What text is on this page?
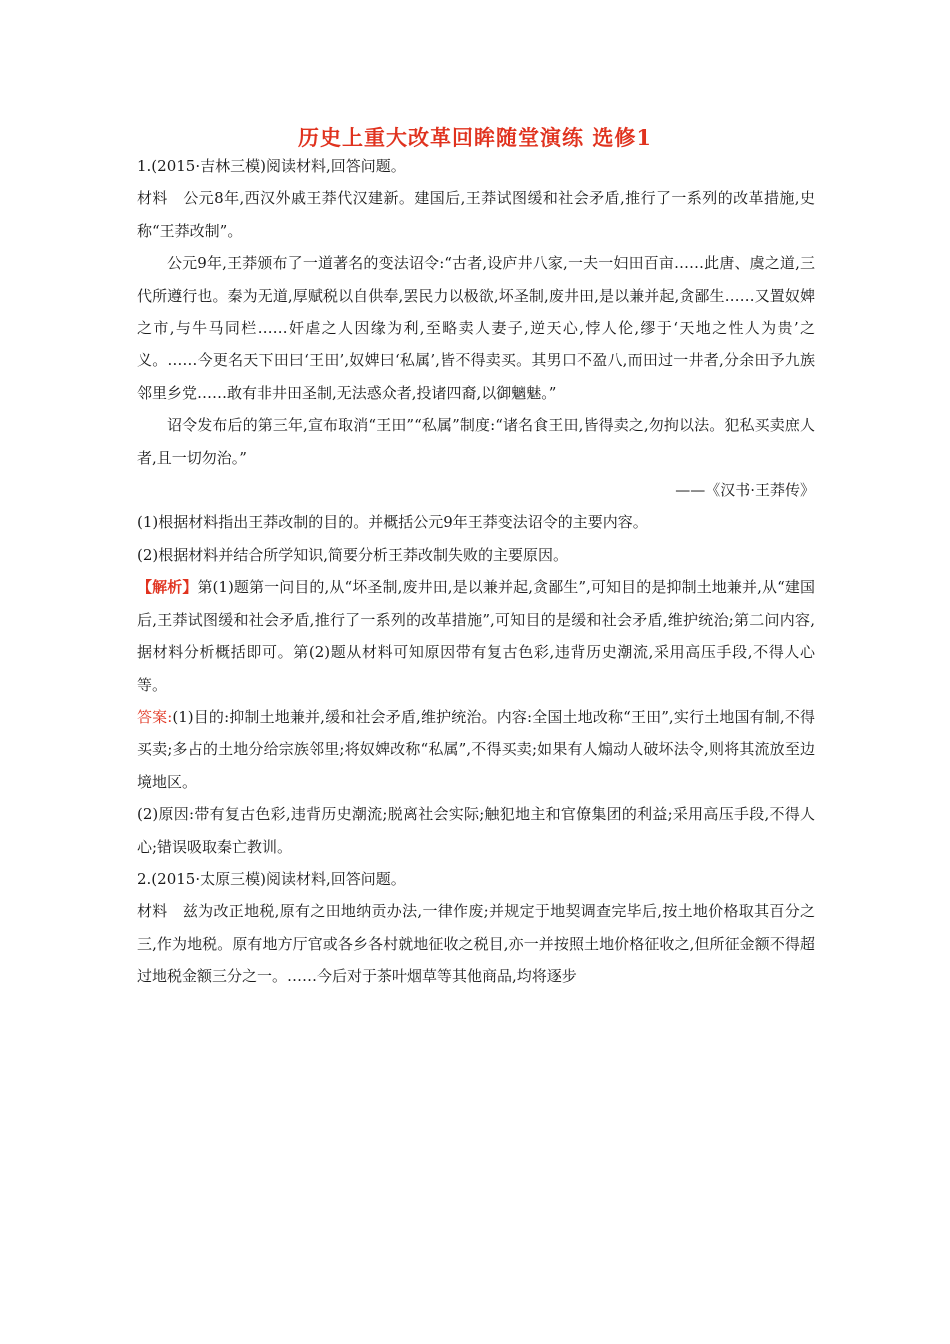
历史上重大改革回眸随堂演练 选修1

1.(2015·吉林三模)阅读材料,回答问题。

材料　公元8年,西汉外戚王莽代汉建新。建国后,王莽试图缓和社会矛盾,推行了一系列的改革措施,史称“王莽改制”。

公元9年,王莽颁布了一道著名的变法诏令:“古者,设庐井八家,一夫一妇田百亩……此唐、虞之道,三代所遵行也。秦为无道,厚赋税以自供奉,罢民力以极欲,坏圣制,废井田,是以兼并起,贪鄙生……又置奴婢之市,与牛马同栏……奸虐之人因缘为利,至略卖人妻子,逆天心,悖人伦,缪于‘天地之性人为贵’之义。……今更名天下田曰‘王田’,奴婢曰‘私属’,皆不得卖买。其男口不盈八,而田过一井者,分余田予九族邻里乡党……敢有非井田圣制,无法惑众者,投诸四裔,以御魑魅。”

诏令发布后的第三年,宣布取消“王田”“私属”制度:“诸名食王田,皆得卖之,勿拘以法。犯私买卖庶人者,且一切勿治。”

——《汉书·王莽传》

(1)根据材料指出王莽改制的目的。并概括公元9年王莽变法诏令的主要内容。

(2)根据材料并结合所学知识,简要分析王莽改制失败的主要原因。

【解析】第(1)题第一问目的,从“坏圣制,废井田,是以兼并起,贪鄙生”,可知目的是抑制土地兼并,从“建国后,王莽试图缓和社会矛盾,推行了一系列的改革措施”,可知目的是缓和社会矛盾,维护统治;第二问内容,据材料分析概括即可。第(2)题从材料可知原因带有复古色彩,违背历史潮流,采用高压手段,不得人心等。

答案:(1)目的:抑制土地兼并,缓和社会矛盾,维护统治。内容:全国土地改称“王田”,实行土地国有制,不得买卖;多占的土地分给宗族邻里;将奴婢改称“私属”,不得买卖;如果有人煽动人破坏法令,则将其流放至边境地区。

(2)原因:带有复古色彩,违背历史潮流;脱离社会实际;触犯地主和官僚集团的利益;采用高压手段,不得人心;错误吸取秦亡教训。

2.(2015·太原三模)阅读材料,回答问题。

材料　兹为改正地税,原有之田地纳贡办法,一律作废;并规定于地契调查完毕后,按土地价格取其百分之三,作为地税。原有地方厅官或各乡各村就地征收之税目,亦一并按照土地价格征收之,但所征金额不得超过地税金额三分之一。……今后对于茶叶烟草等其他商品,均将逐步
